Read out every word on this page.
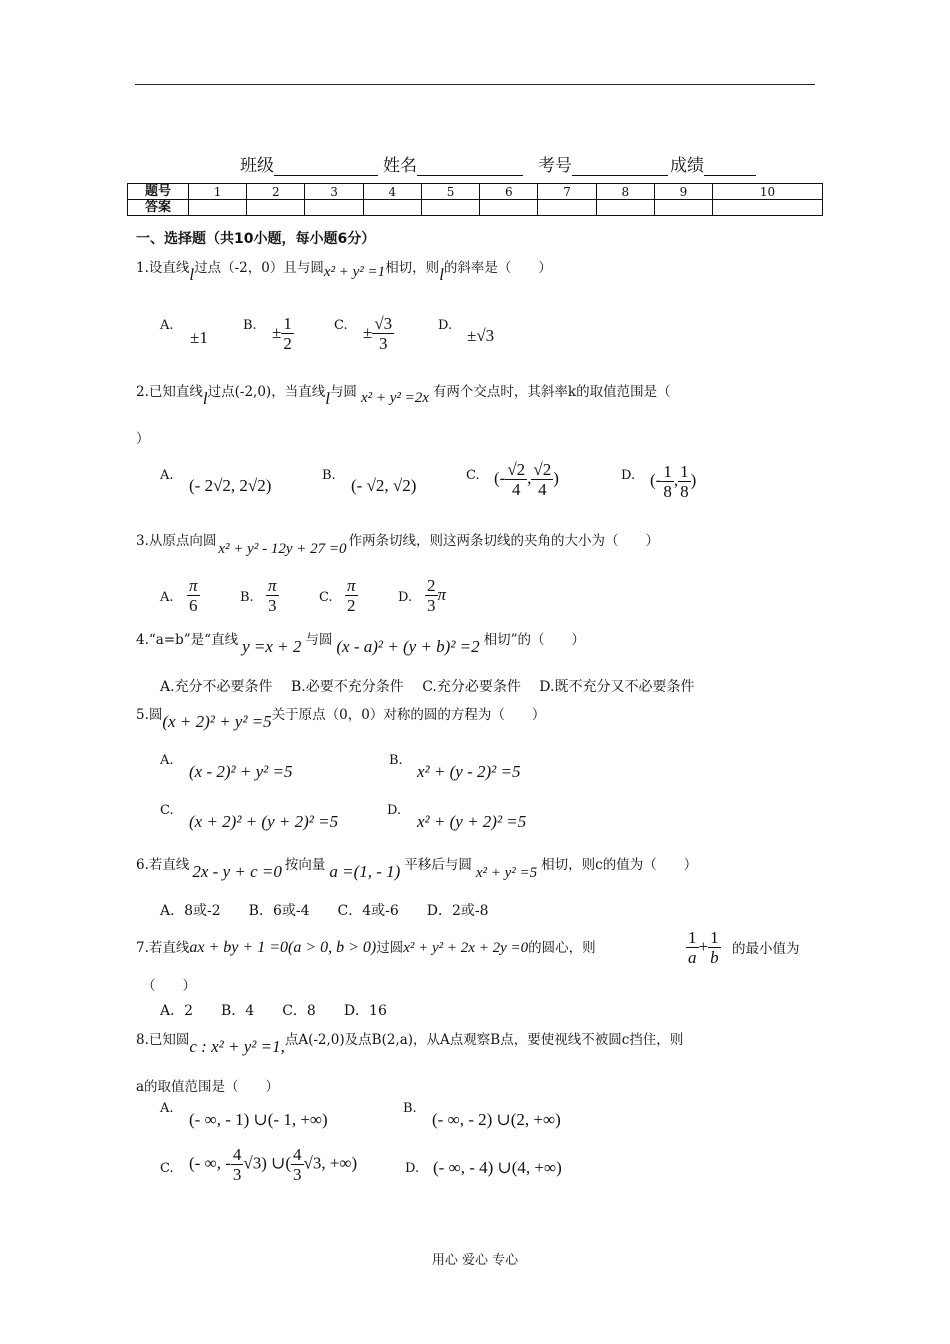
班级	姓名	考号	成绩
题号	1	2	3	4	5	6	7	8	9	10
答案										
一、选择题（共10小题，每小题6分）
1.设直线l过点（-2，0）且与圆x² + y² =1相切，则l的斜率是（　　）
A.
±1
B. ± $\frac{1}{2}$	C. ± $\frac{√3}{3}$	D.
±√3
2.已知直线l过点(-2,0)，当直线l与圆 x² + y² =2x 有两个交点时，其斜率k的取值范围是（
）
A.
(- 2√2, 2√2)
B.
(- √2, √2)
C. (- $\frac{√2}{4}$ , $\frac{√2}{4}$ )	D. (- $\frac{1}{8}$ , $\frac{1}{8}$ )
3.从原点向圆 x² + y² - 12y + 27 =0 作两条切线，则这两条切线的夹角的大小为（　　）
A. $\frac{\pi}{6}$	B. $\frac{\pi}{3}$	C. $\frac{\pi}{2}$	D. $\frac{2}{3}$ π
4.“a=b”是“直线 y =x + 2 与圆 (x - a)² + (y + b)² =2 相切”的（　　）
A.充分不必要条件　 B.必要不充分条件　 C.充分必要条件　 D.既不充分又不必要条件
5.圆(x + 2)² + y² =5关于原点（0，0）对称的圆的方程为（　　）
A.
(x - 2)² + y² =5
B.
x² + (y - 2)² =5
C.
(x + 2)² + (y + 2)² =5
D.
x² + (y + 2)² =5
6.若直线 2x - y + c =0 按向量 a =(1, - 1) 平移后与圆 x² + y² =5 相切，则c的值为（　　）
A．8或-2　　B．6或-4　　C．4或-6　　D．2或-8
7.若直线ax + by + 1 =0(a > 0, b > 0)过圆x² + y² + 2x + 2y =0的圆心，则	$\frac{1}{a} + \frac{1}{b}$ 的最小值为
（　　）
A．2　　B．4　　C．8　　D．16
8.已知圆c : x² + y² =1,点A(-2,0)及点B(2,a)，从A点观察B点，要使视线不被圆c挡住，则
a的取值范围是（　　）
A.
(- ∞, - 1) ∪(- 1, +∞)
B.
(- ∞, - 2) ∪(2, +∞)
C. (- ∞, - $\frac{4}{3} √3$) ∪( $\frac{4}{3} √3$, +∞)	D. (- ∞, - 4) ∪(4, +∞)
用心 爱心 专心
